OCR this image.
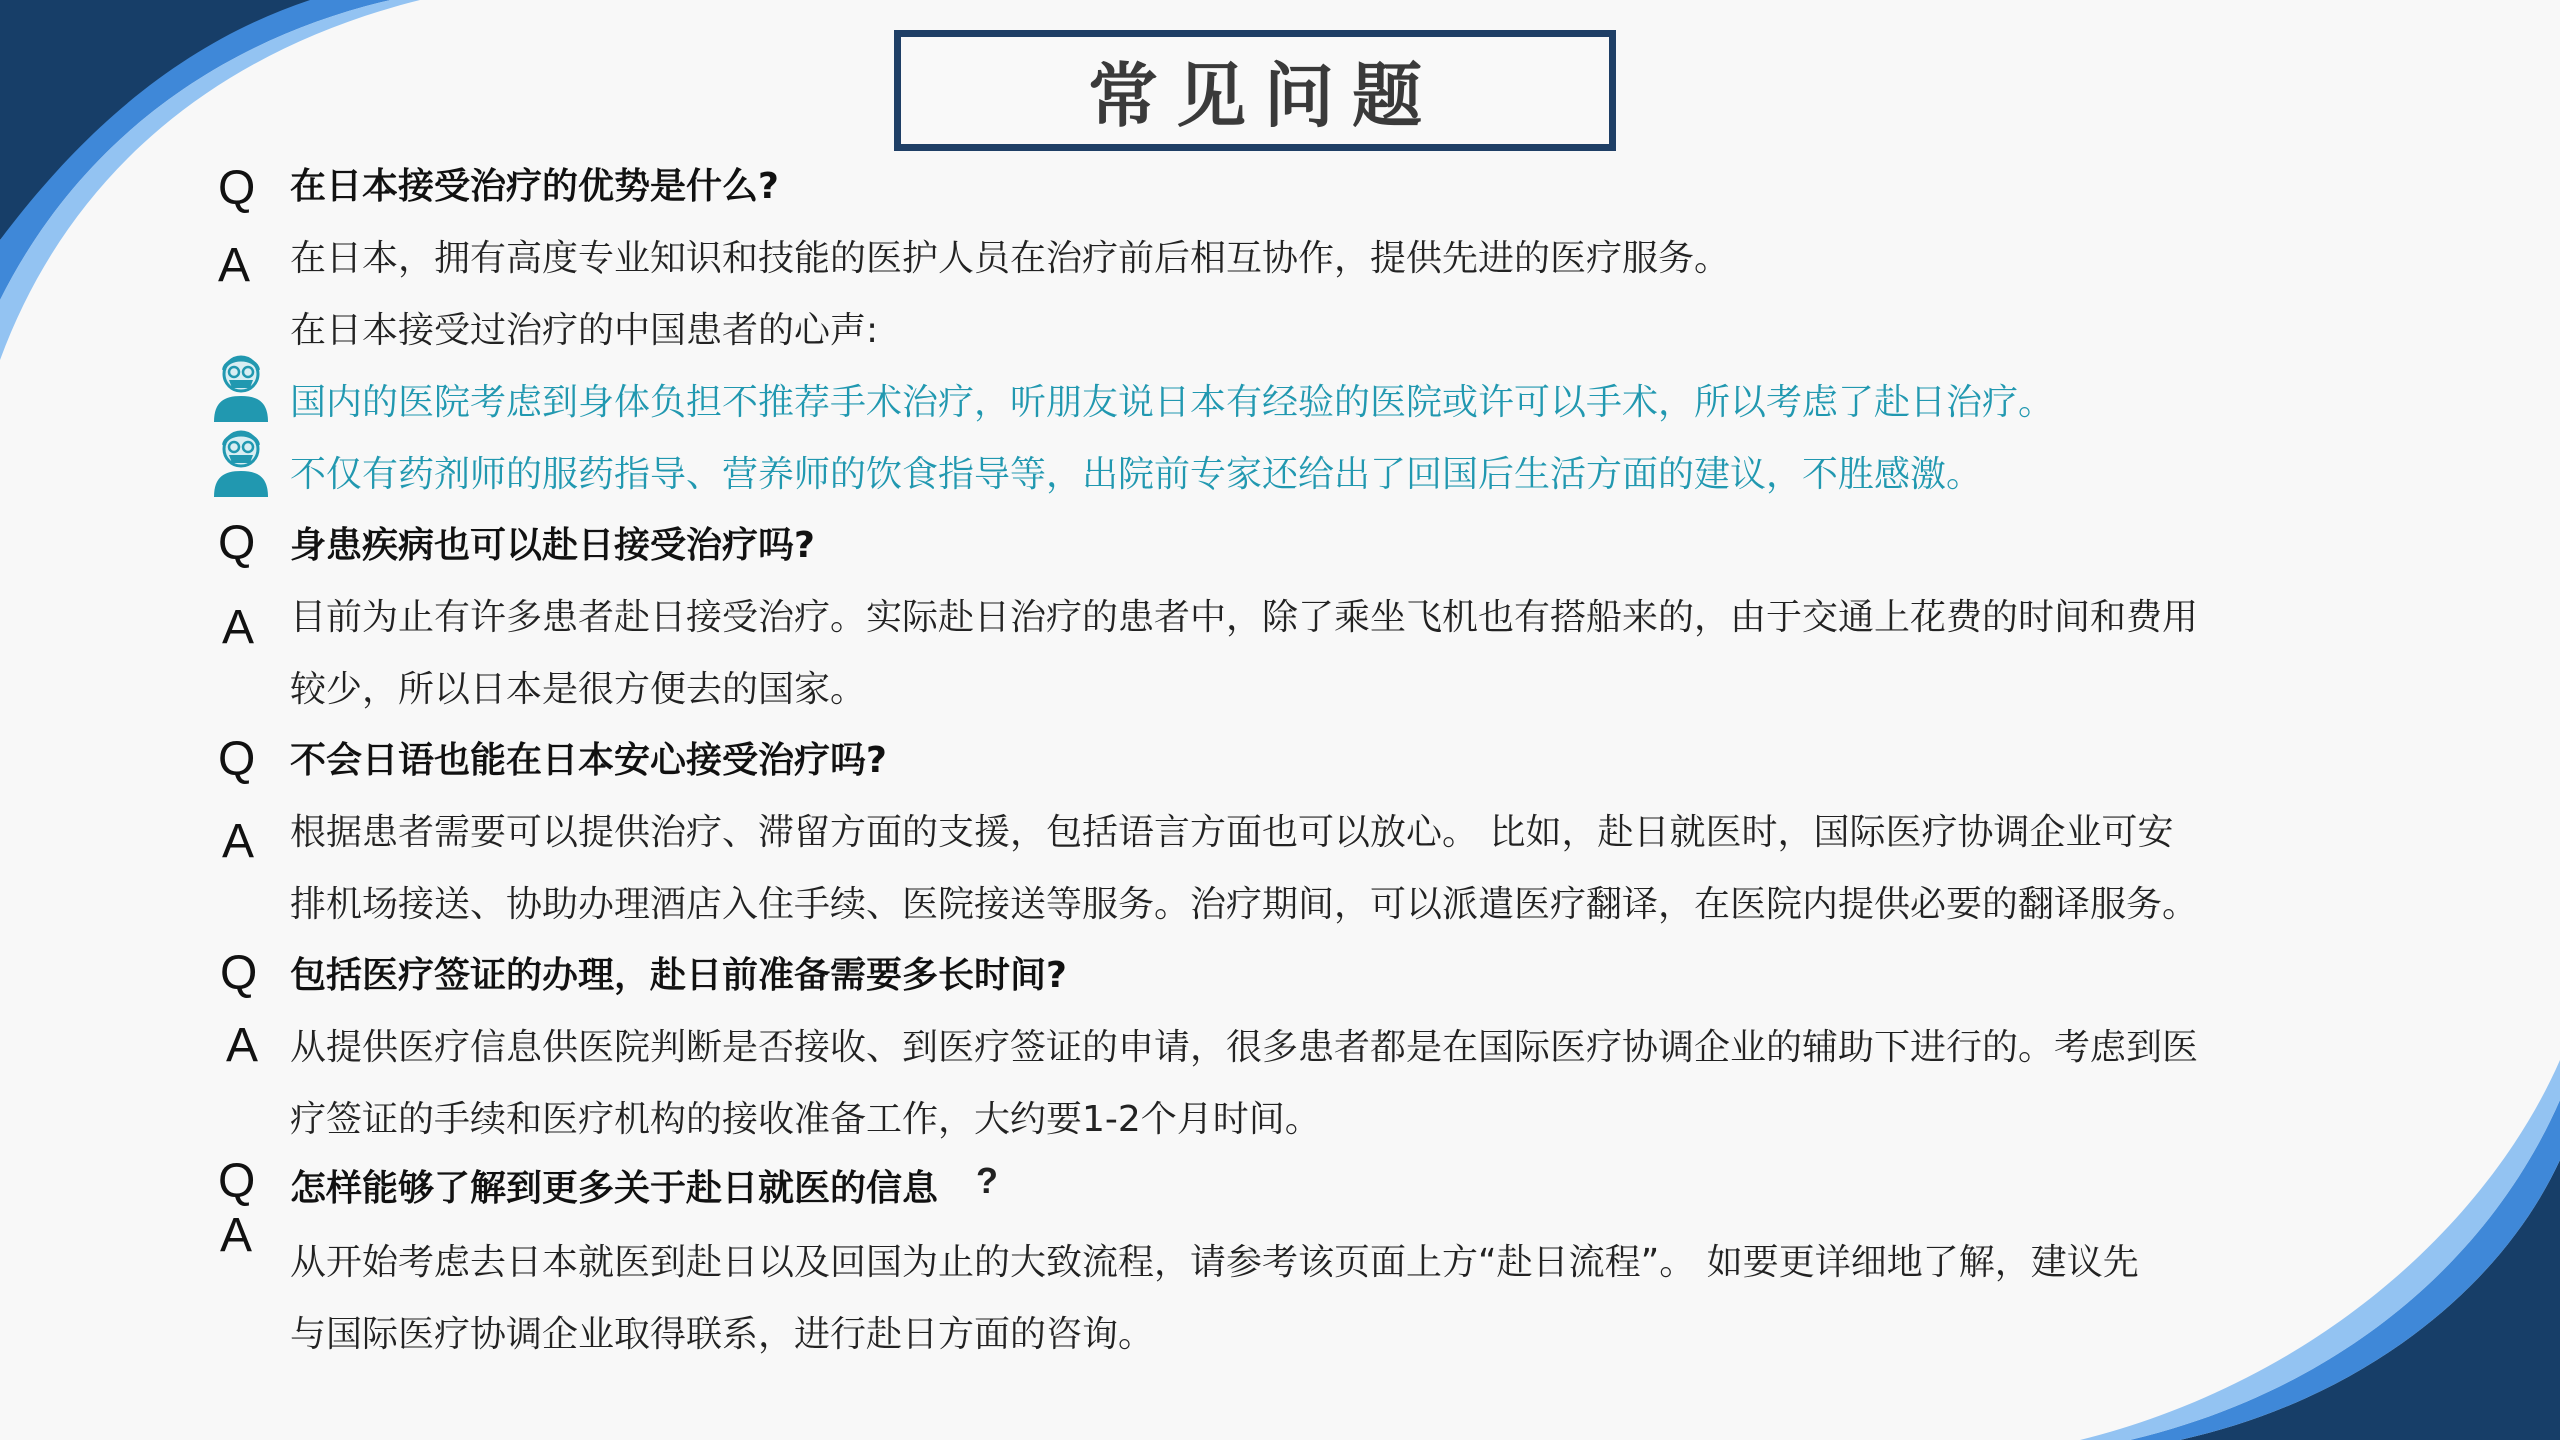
常见问题
Q 在日本接受治疗的优势是什么?
A 在日本，拥有高度专业知识和技能的医护人员在治疗前后相互协作，提供先进的医疗服务。
在日本接受过治疗的中国患者的心声:
国内的医院考虑到身体负担不推荐手术治疗，听朋友说日本有经验的医院或许可以手术，所以考虑了赴日治疗。
不仅有药剂师的服药指导、营养师的饮食指导等，出院前专家还给出了回国后生活方面的建议，不胜感激。
Q 身患疾病也可以赴日接受治疗吗?
A 目前为止有许多患者赴日接受治疗。实际赴日治疗的患者中，除了乘坐飞机也有搭船来的，由于交通上花费的时间和费用
较少，所以日本是很方便去的国家。
Q 不会日语也能在日本安心接受治疗吗?
A 根据患者需要可以提供治疗、滞留方面的支援，包括语言方面也可以放心。 比如，赴日就医时，国际医疗协调企业可安
排机场接送、协助办理酒店入住手续、医院接送等服务。治疗期间，可以派遣医疗翻译，在医院内提供必要的翻译服务。
Q 包括医疗签证的办理，赴日前准备需要多长时间?
A 从提供医疗信息供医院判断是否接收、到医疗签证的申请，很多患者都是在国际医疗协调企业的辅助下进行的。考虑到医
疗签证的手续和医疗机构的接收准备工作，大约要1-2个月时间。
Q 怎样能够了解到更多关于赴日就医的信息 ?
A
从开始考虑去日本就医到赴日以及回国为止的大致流程，请参考该页面上方“赴日流程”。 如要更详细地了解，建议先
与国际医疗协调企业取得联系，进行赴日方面的咨询。
